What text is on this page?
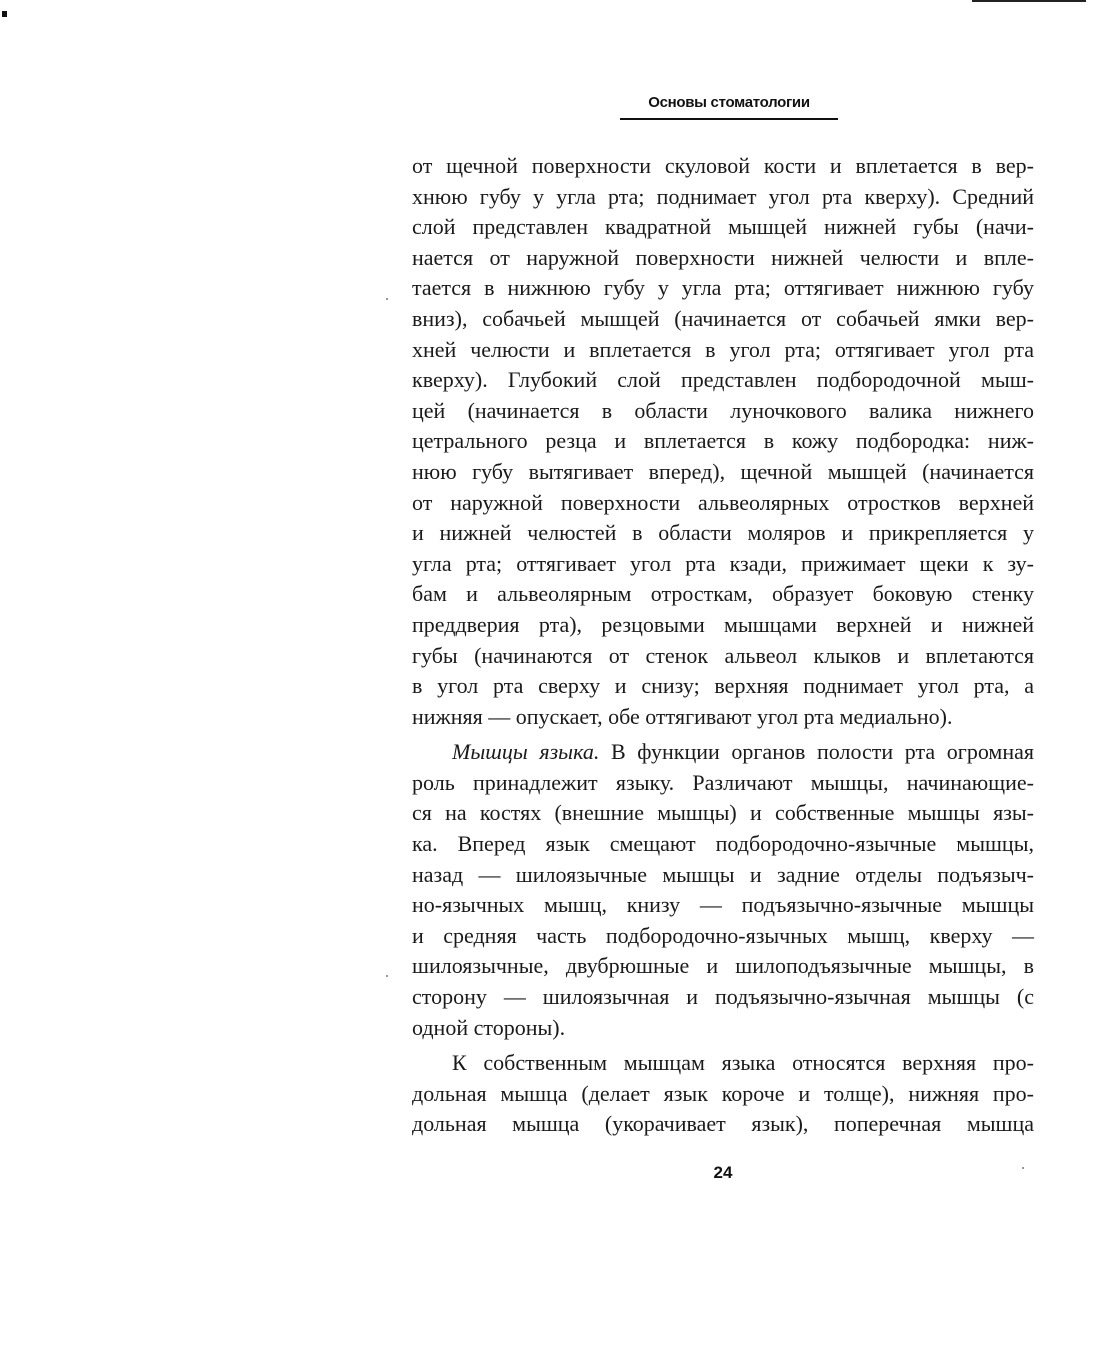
Основы стоматологии
от щечной поверхности скуловой кости и вплетается в вер-
хнюю губу у угла рта; поднимает угол рта кверху). Средний
слой представлен квадратной мышцей нижней губы (начи-
нается от наружной поверхности нижней челюсти и вплe-
тается в нижнюю губу у угла рта; оттягивает нижнюю губу
вниз), собачьей мышцей (начинается от собачьей ямки вер-
хней челюсти и вплетается в угол рта; оттягивает угол рта
кверху). Глубокий слой представлен подбородочной мыш-
цей (начинается в области луночкового валика нижнего
цетрального резца и вплетается в кожу подбородка: ниж-
нюю губу вытягивает вперед), щечной мышцей (начинается
от наружной поверхности альвеолярных отростков верхней
и нижней челюстей в области моляров и прикрепляется у
угла рта; оттягивает угол рта кзади, прижимает щеки к зу-
бам и альвеолярным отросткам, образует боковую стенку
преддверия рта), резцовыми мышцами верхней и нижней
губы (начинаются от стенок альвеол клыков и вплетаются
в угол рта сверху и снизу; верхняя поднимает угол рта, а
нижняя — опускает, обе оттягивают угол рта медиально).
Мышцы языка. В функции органов полости рта огромная
роль принадлежит языку. Различают мышцы, начинающие-
ся на костях (внешние мышцы) и собственные мышцы язы-
ка. Вперед язык смещают подбородочно-язычные мышцы,
назад — шилоязычные мышцы и задние отделы подъязыч-
но-язычных мышц, книзу — подъязычно-язычные мышцы
и средняя часть подбородочно-язычных мышц, кверху —
шилоязычные, двубрюшные и шилоподъязычные мышцы, в
сторону — шилоязычная и подъязычно-язычная мышцы (с
одной стороны).
К собственным мышцам языка относятся верхняя про-
дольная мышца (делает язык короче и толще), нижняя про-
дольная мышца (укорачивает язык), поперечная мышца
24
